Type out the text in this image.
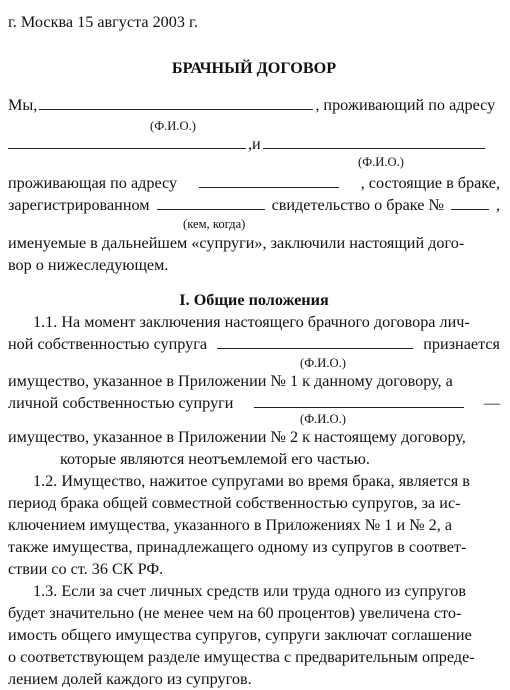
г. Москва 15 августа 2003 г.
БРАЧНЫЙ ДОГОВОР
Мы,	, проживающий по адресу
(Ф.И.О.)
,и
(Ф.И.О.)
проживающая по адресу	, состоящие в браке,
зарегистрированном	свидетельство о браке №	,
(кем, когда)
именуемые в дальнейшем «супруги», заключили настоящий дого-
вор о нижеследующем.
I. Общие положения
1.1. На момент заключения настоящего брачного договора лич-
ной собственностью супруга	признается
(Ф.И.О.)
имущество, указанное в Приложении № 1 к данному договору, а
личной собственностью супруги	—
(Ф.И.О.)
имущество, указанное в Приложении № 2 к настоящему договору,
которые являются неотъемлемой его частью.
1.2. Имущество, нажитое супругами во время брака, является в
период брака общей совместной собственностью супругов, за ис-
ключением имущества, указанного в Приложениях № 1 и № 2, а
также имущества, принадлежащего одному из супругов в соответ-
ствии со ст. 36 СК РФ.
1.3. Если за счет личных средств или труда одного из супругов
будет значительно (не менее чем на 60 процентов) увеличена сто-
имость общего имущества супругов, супруги заключат соглашение
о соответствующем разделе имущества с предварительным опреде-
лением долей каждого из супругов.
